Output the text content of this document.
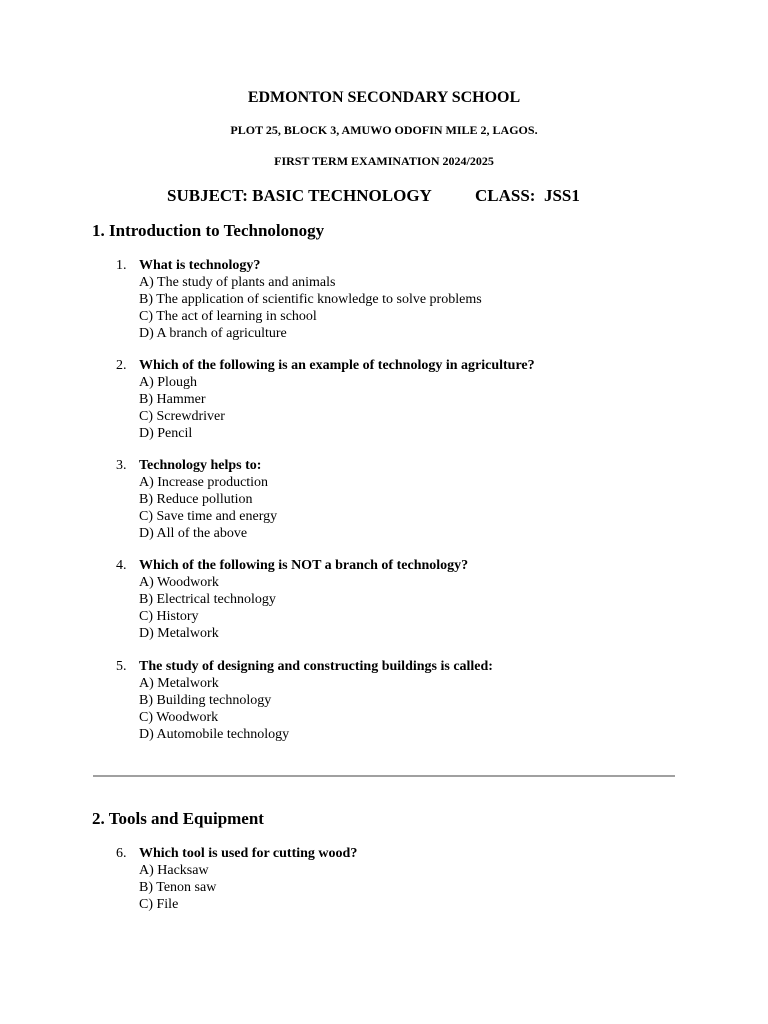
EDMONTON SECONDARY SCHOOL
PLOT 25, BLOCK 3, AMUWO ODOFIN MILE 2, LAGOS.
FIRST TERM EXAMINATION 2024/2025
SUBJECT: BASIC TECHNOLOGY	CLASS:  JSS1
1. Introduction to Technolonogy
1. What is technology?
A) The study of plants and animals
B) The application of scientific knowledge to solve problems
C) The act of learning in school
D) A branch of agriculture
2. Which of the following is an example of technology in agriculture?
A) Plough
B) Hammer
C) Screwdriver
D) Pencil
3. Technology helps to:
A) Increase production
B) Reduce pollution
C) Save time and energy
D) All of the above
4. Which of the following is NOT a branch of technology?
A) Woodwork
B) Electrical technology
C) History
D) Metalwork
5. The study of designing and constructing buildings is called:
A) Metalwork
B) Building technology
C) Woodwork
D) Automobile technology
2. Tools and Equipment
6. Which tool is used for cutting wood?
A) Hacksaw
B) Tenon saw
C) File
